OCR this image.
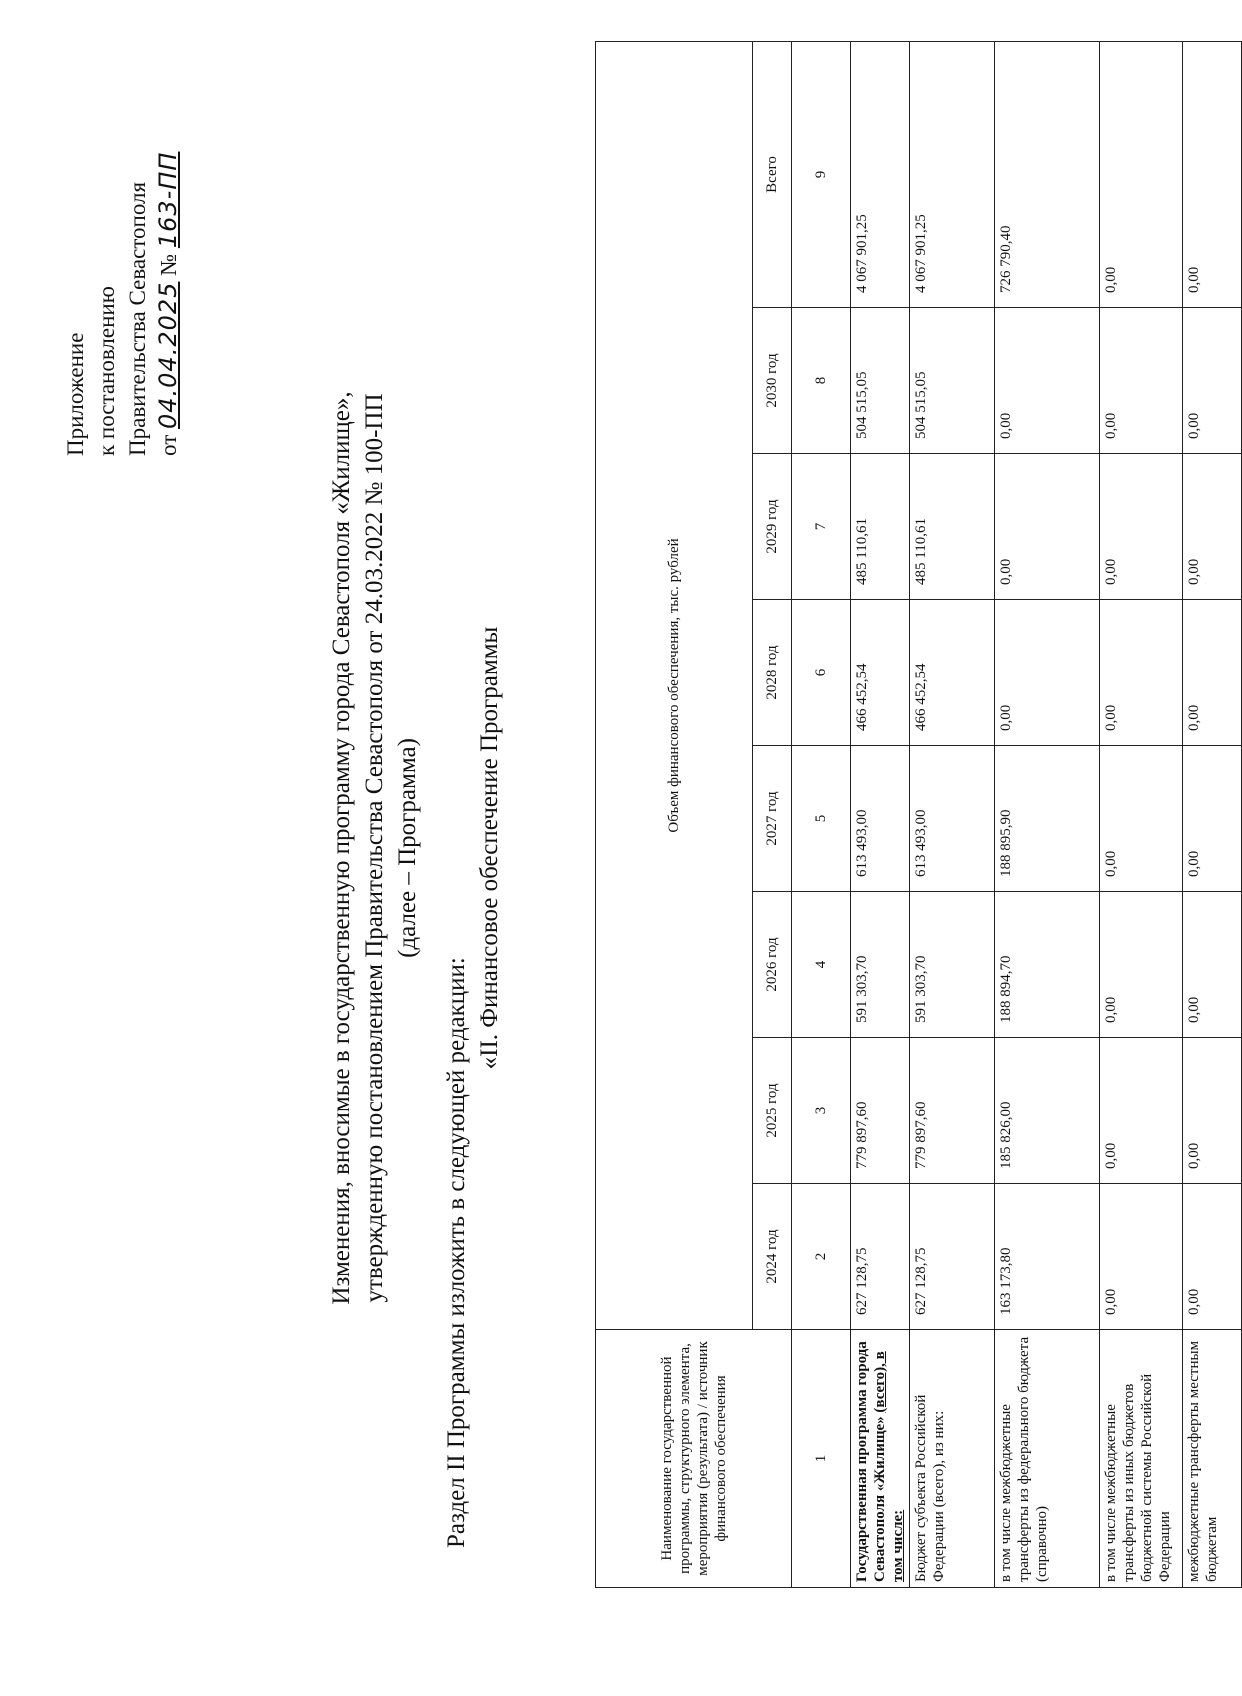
Приложение к постановлению Правительства Севастополя от 04.04.2025 № 163-ПП
Изменения, вносимые в государственную программу города Севастополя «Жилище», утвержденную постановлением Правительства Севастополя от 24.03.2022 № 100-ПП (далее – Программа)
Раздел II Программы изложить в следующей редакции:
«II. Финансовое обеспечение Программы
Наименование государственной программы, структурного элемента, мероприятия (результата) / источник финансового обеспечения	Объем финансового обеспечения, тыс. рублей							
	2024 год	2025 год	2026 год	2027 год	2028 год	2029 год	2030 год	Всего
1	2	3	4	5	6	7	8	9
Государственная программа города Севастополя «Жилище» (всего), в том числе:	627 128,75	779 897,60	591 303,70	613 493,00	466 452,54	485 110,61	504 515,05	4 067 901,25
Бюджет субъекта Российской Федерации (всего), из них:	627 128,75	779 897,60	591 303,70	613 493,00	466 452,54	485 110,61	504 515,05	4 067 901,25
в том числе межбюджетные трансферты из федерального бюджета (справочно)	163 173,80	185 826,00	188 894,70	188 895,90	0,00	0,00	0,00	726 790,40
в том числе межбюджетные трансферты из иных бюджетов бюджетной системы Российской Федерации	0,00	0,00	0,00	0,00	0,00	0,00	0,00	0,00
межбюджетные трансферты местным бюджетам	0,00	0,00	0,00	0,00	0,00	0,00	0,00	0,00
